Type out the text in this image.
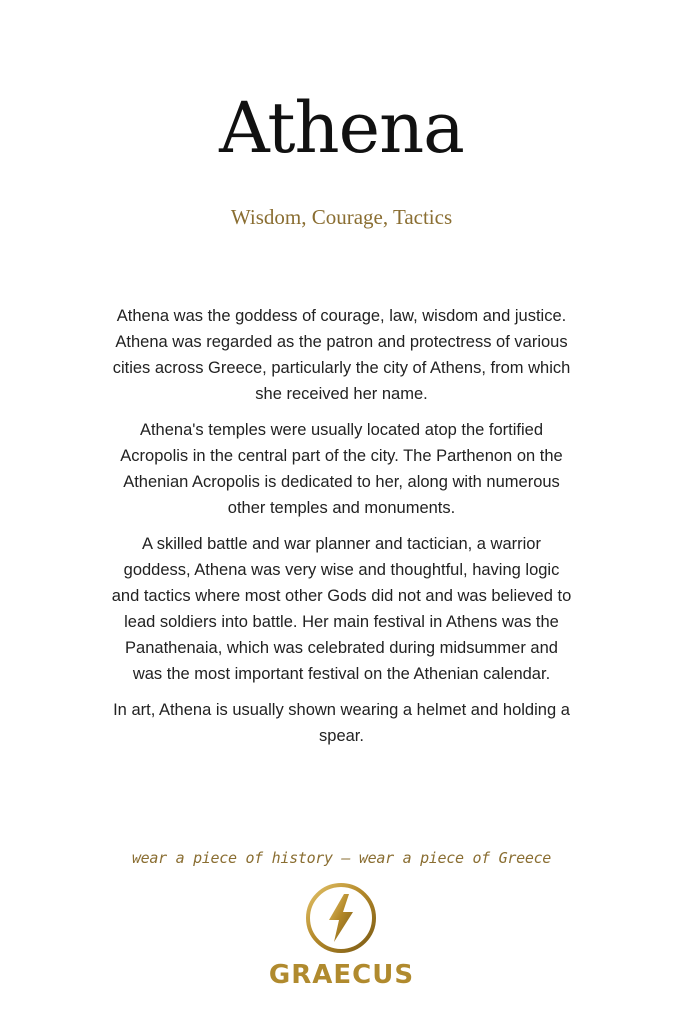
Athena
Wisdom, Courage, Tactics

Athena was the goddess of courage, law, wisdom and justice. Athena was regarded as the patron and protectress of various cities across Greece, particularly the city of Athens, from which she received her name.

Athena's temples were usually located atop the fortified Acropolis in the central part of the city. The Parthenon on the Athenian Acropolis is dedicated to her, along with numerous other temples and monuments.

A skilled battle and war planner and tactician, a warrior goddess, Athena was very wise and thoughtful, having logic and tactics where most other Gods did not and was believed to lead soldiers into battle. Her main festival in Athens was the Panathenaia, which was celebrated during midsummer and was the most important festival on the Athenian calendar.

In art, Athena is usually shown wearing a helmet and holding a spear.

wear a piece of history – wear a piece of Greece
GRAECUS
